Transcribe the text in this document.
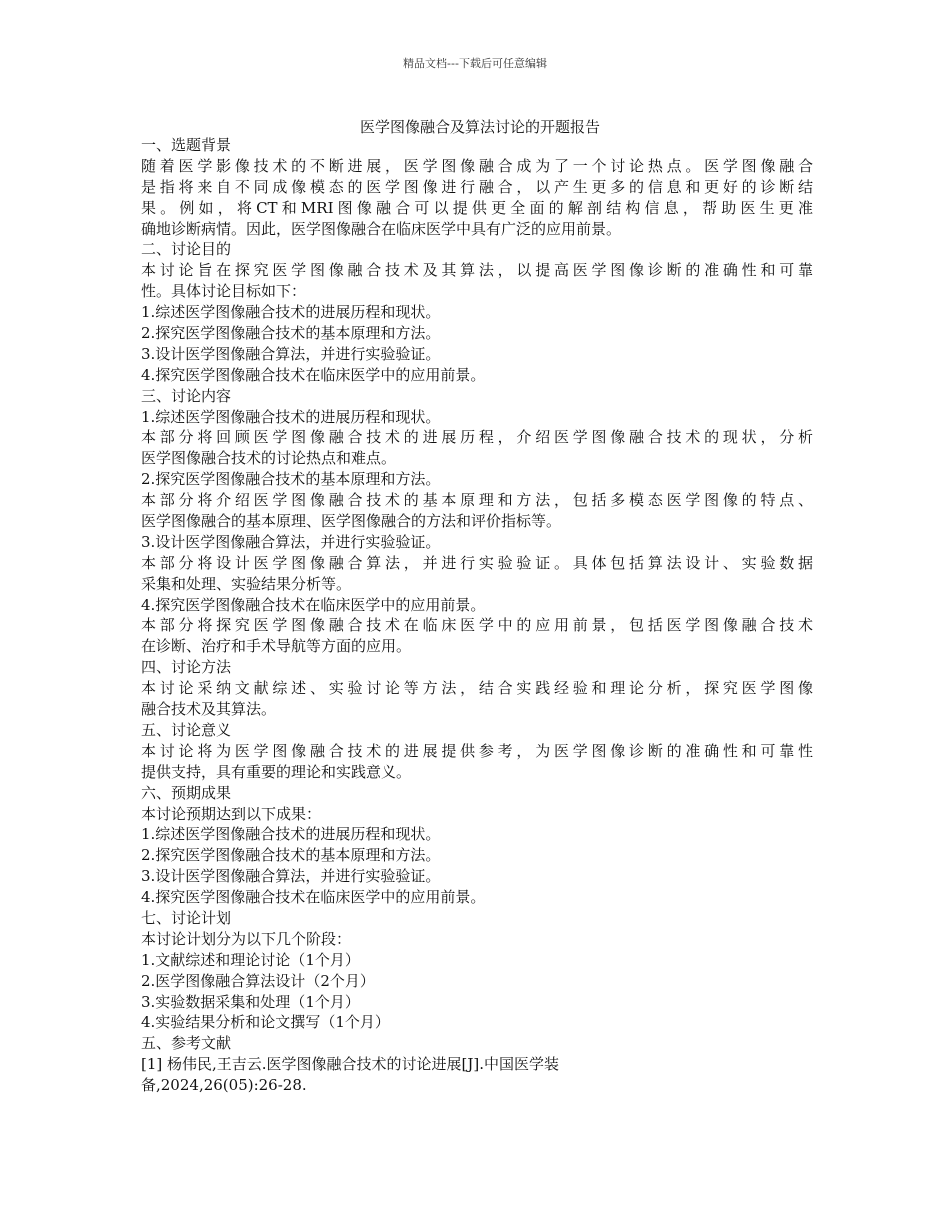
精品文档---下载后可任意编辑
医学图像融合及算法讨论的开题报告
一、选题背景
随着医学影像技术的不断进展，医学图像融合成为了一个讨论热点。医学图像融合
是指将来自不同成像模态的医学图像进行融合，以产生更多的信息和更好的诊断结
果。例如，将CT和MRI图像融合可以提供更全面的解剖结构信息，帮助医生更准
确地诊断病情。因此，医学图像融合在临床医学中具有广泛的应用前景。
二、讨论目的
本讨论旨在探究医学图像融合技术及其算法，以提高医学图像诊断的准确性和可靠
性。具体讨论目标如下：
1.综述医学图像融合技术的进展历程和现状。
2.探究医学图像融合技术的基本原理和方法。
3.设计医学图像融合算法，并进行实验验证。
4.探究医学图像融合技术在临床医学中的应用前景。
三、讨论内容
1.综述医学图像融合技术的进展历程和现状。
本部分将回顾医学图像融合技术的进展历程，介绍医学图像融合技术的现状，分析
医学图像融合技术的讨论热点和难点。
2.探究医学图像融合技术的基本原理和方法。
本部分将介绍医学图像融合技术的基本原理和方法，包括多模态医学图像的特点、
医学图像融合的基本原理、医学图像融合的方法和评价指标等。
3.设计医学图像融合算法，并进行实验验证。
本部分将设计医学图像融合算法，并进行实验验证。具体包括算法设计、实验数据
采集和处理、实验结果分析等。
4.探究医学图像融合技术在临床医学中的应用前景。
本部分将探究医学图像融合技术在临床医学中的应用前景，包括医学图像融合技术
在诊断、治疗和手术导航等方面的应用。
四、讨论方法
本讨论采纳文献综述、实验讨论等方法，结合实践经验和理论分析，探究医学图像
融合技术及其算法。
五、讨论意义
本讨论将为医学图像融合技术的进展提供参考，为医学图像诊断的准确性和可靠性
提供支持，具有重要的理论和实践意义。
六、预期成果
本讨论预期达到以下成果：
1.综述医学图像融合技术的进展历程和现状。
2.探究医学图像融合技术的基本原理和方法。
3.设计医学图像融合算法，并进行实验验证。
4.探究医学图像融合技术在临床医学中的应用前景。
七、讨论计划
本讨论计划分为以下几个阶段：
1.文献综述和理论讨论（1个月）
2.医学图像融合算法设计（2个月）
3.实验数据采集和处理（1个月）
4.实验结果分析和论文撰写（1个月）
五、参考文献
[1] 杨伟民,王吉云.医学图像融合技术的讨论进展[J].中国医学装
备,2024,26(05):26-28.
